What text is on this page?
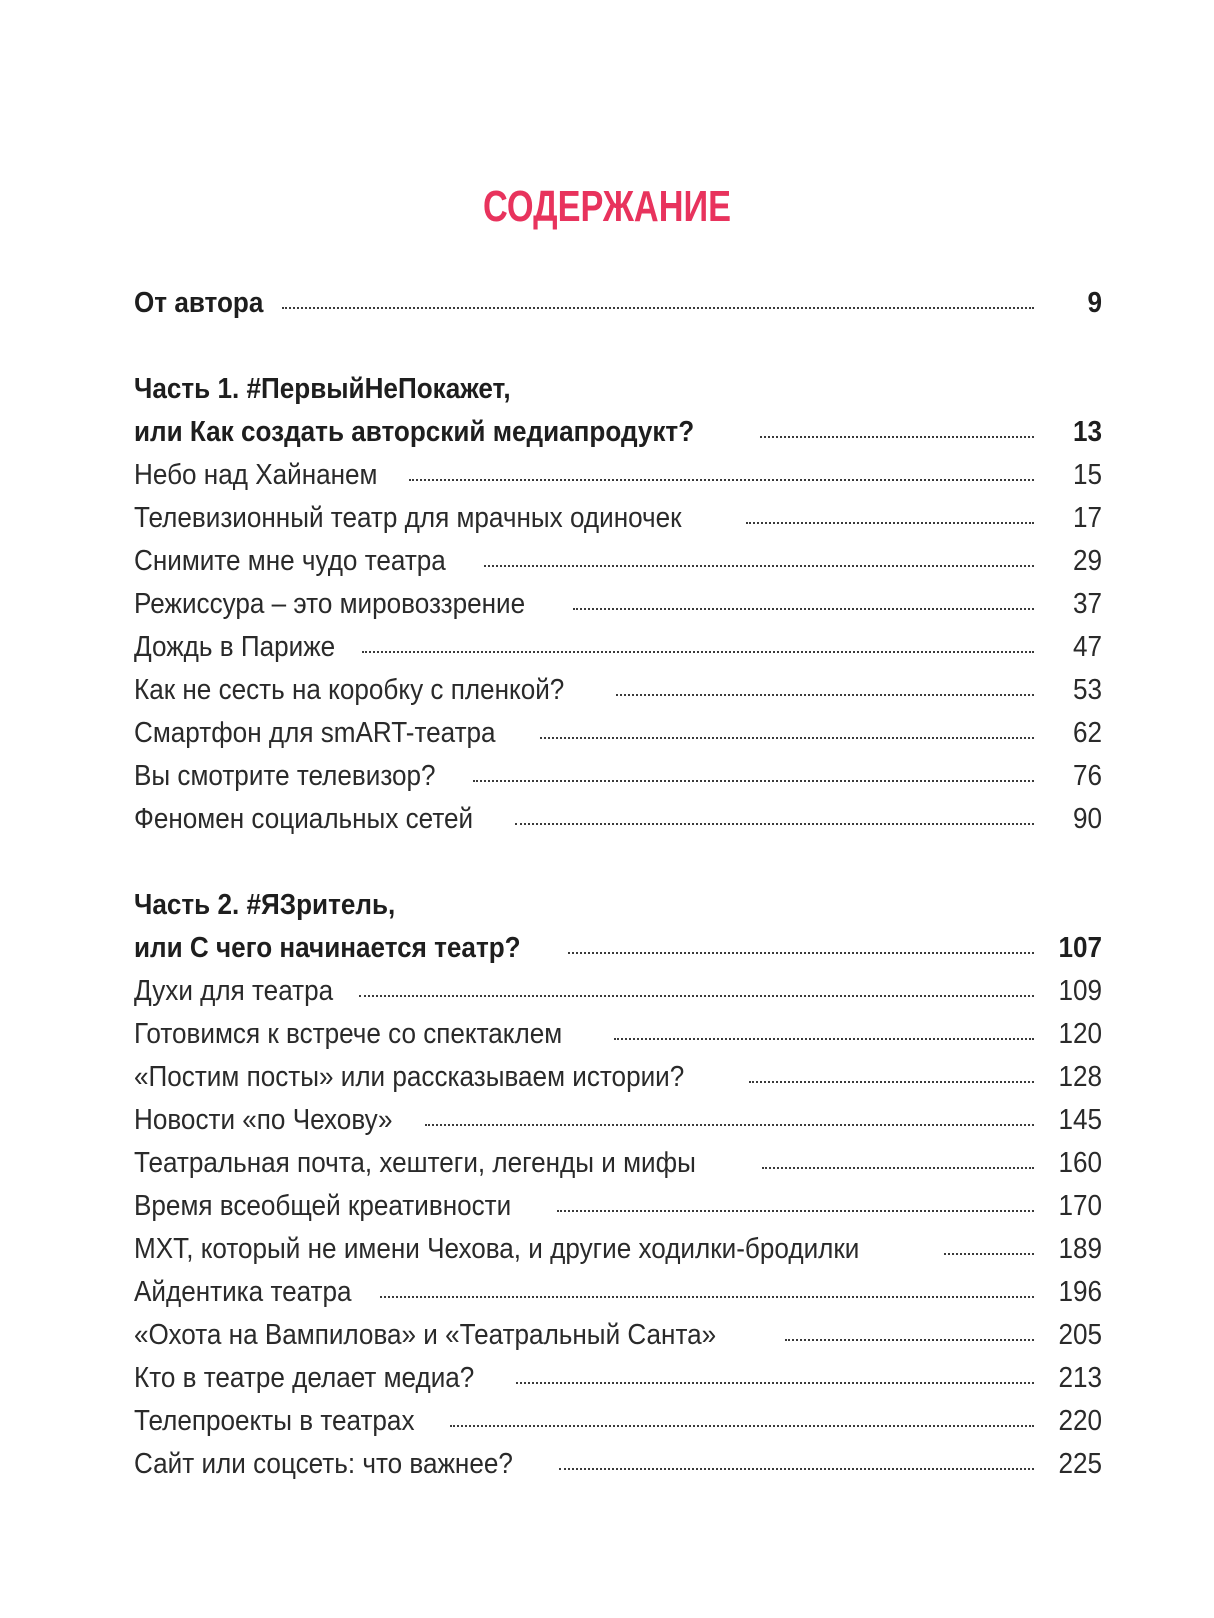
СОДЕРЖАНИЕ
От автора	9
Часть 1. #ПервыйНеПокажет,
или Как создать авторский медиапродукт?	13
Небо над Хайнанем	15
Телевизионный театр для мрачных одиночек	17
Снимите мне чудо театра	29
Режиссура – это мировоззрение	37
Дождь в Париже	47
Как не сесть на коробку с пленкой?	53
Смартфон для smART-театра	62
Вы смотрите телевизор?	76
Феномен социальных сетей	90
Часть 2. #ЯЗритель,
или С чего начинается театр?	107
Духи для театра	109
Готовимся к встрече со спектаклем	120
«Постим посты» или рассказываем истории?	128
Новости «по Чехову»	145
Театральная почта, хештеги, легенды и мифы	160
Время всеобщей креативности	170
МХТ, который не имени Чехова, и другие ходилки-бродилки	189
Айдентика театра	196
«Охота на Вампилова» и «Театральный Санта»	205
Кто в театре делает медиа?	213
Телепроекты в театрах	220
Сайт или соцсеть: что важнее?	225
